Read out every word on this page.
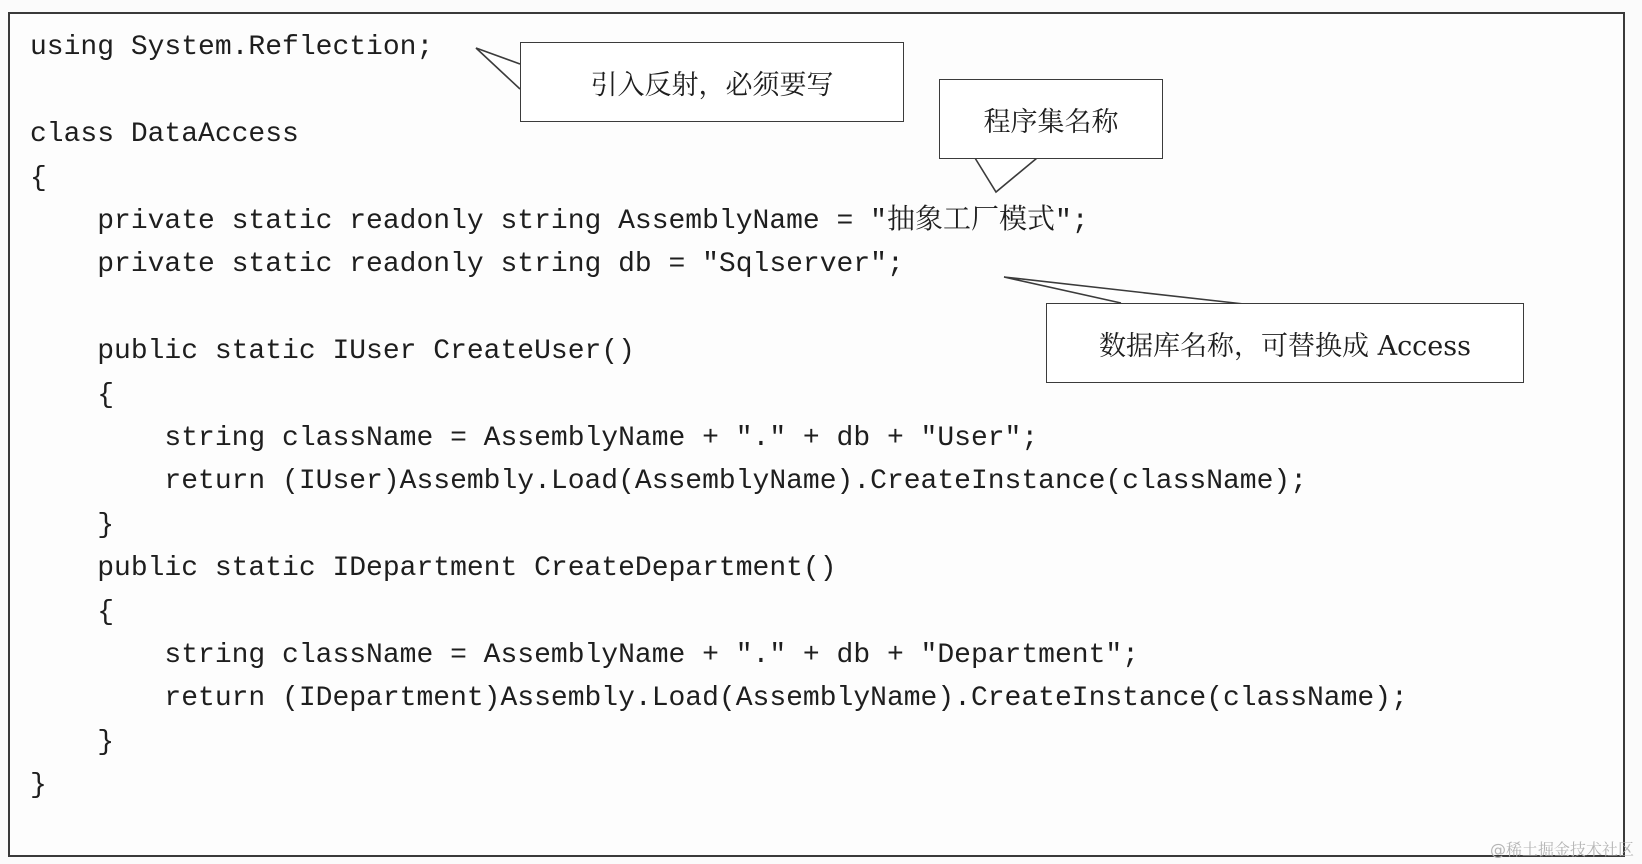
using System.Reflection;
class DataAccess
{
private static readonly string AssemblyName = "抽象工厂模式";
private static readonly string db = "Sqlserver";
public static IUser CreateUser()
{
string className = AssemblyName + "." + db + "User";
return (IUser)Assembly.Load(AssemblyName).CreateInstance(className);
}
public static IDepartment CreateDepartment()
{
string className = AssemblyName + "." + db + "Department";
return (IDepartment)Assembly.Load(AssemblyName).CreateInstance(className);
}
}
引入反射，必须要写
程序集名称
数据库名称，可替换成 Access
@稀土掘金技术社区
